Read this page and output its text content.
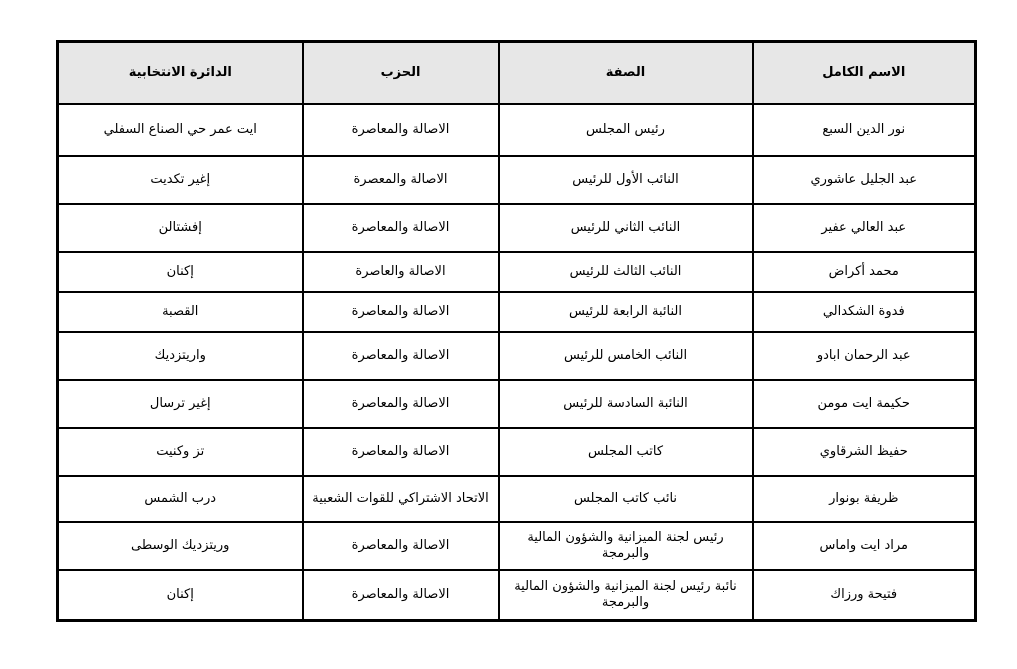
الاسم الكامل	الصفة	الحزب	الدائرة الانتخابية
نور الدين السبع	رئيس المجلس	الاصالة والمعاصرة	ايت عمر حي الصناع السفلي
عبد الجليل عاشوري	النائب الأول للرئيس	الاصالة والمعصرة	إغير تكديت
عبد العالي عفير	النائب الثاني للرئيس	الاصالة والمعاصرة	إفشتالن
محمد أكراض	النائب الثالث للرئيس	الاصالة والعاصرة	إكنان
فدوة الشكدالي	النائبة الرابعة للرئيس	الاصالة والمعاصرة	القصبة
عبد الرحمان ابادو	النائب الخامس للرئيس	الاصالة والمعاصرة	واريتزديك
حكيمة ايت مومن	النائبة السادسة للرئيس	الاصالة والمعاصرة	إغير ترسال
حفيظ الشرقاوي	كاتب المجلس	الاصالة والمعاصرة	تز وكنيت
ظريفة بونوار	نائب كاتب المجلس	الاتحاد الاشتراكي للقوات الشعبية	درب الشمس
مراد ايت واماس	رئيس لجنة الميزانية والشؤون المالية والبرمجة	الاصالة والمعاصرة	وريتزديك الوسطى
فتيحة ورزاك	نائبة رئيس لجنة الميزانية والشؤون المالية والبرمجة	الاصالة والمعاصرة	إكنان
